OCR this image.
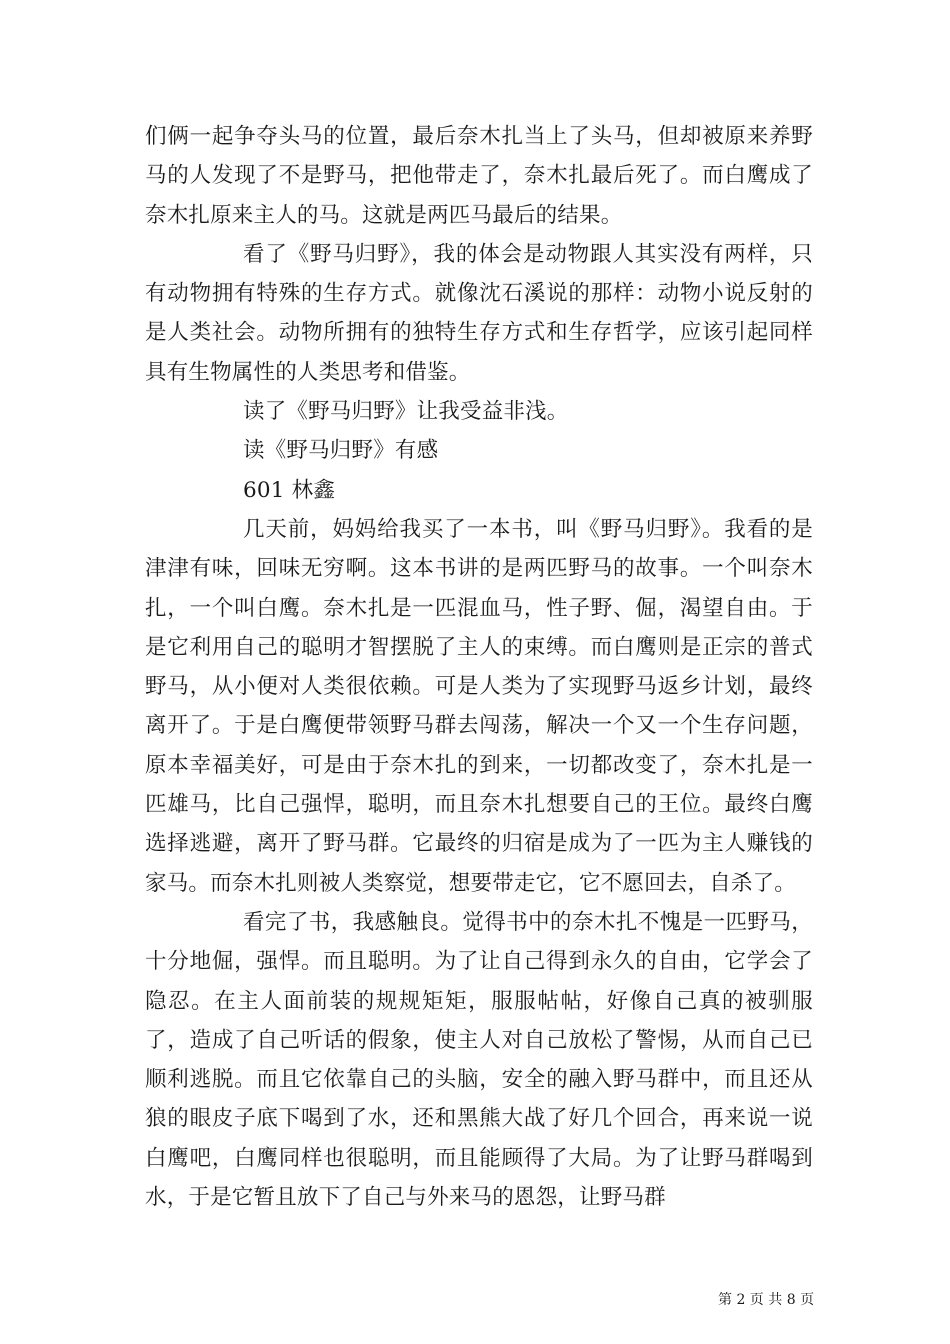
们俩一起争夺头马的位置，最后奈木扎当上了头马，但却被原来养野马的人发现了不是野马，把他带走了，奈木扎最后死了。而白鹰成了奈木扎原来主人的马。这就是两匹马最后的结果。

看了《野马归野》，我的体会是动物跟人其实没有两样，只有动物拥有特殊的生存方式。就像沈石溪说的那样：动物小说反射的是人类社会。动物所拥有的独特生存方式和生存哲学，应该引起同样具有生物属性的人类思考和借鉴。

读了《野马归野》让我受益非浅。

读《野马归野》有感

601 林鑫

几天前，妈妈给我买了一本书，叫《野马归野》。我看的是津津有味，回味无穷啊。这本书讲的是两匹野马的故事。一个叫奈木扎，一个叫白鹰。奈木扎是一匹混血马，性子野、倔，渴望自由。于是它利用自己的聪明才智摆脱了主人的束缚。而白鹰则是正宗的普式野马，从小便对人类很依赖。可是人类为了实现野马返乡计划，最终离开了。于是白鹰便带领野马群去闯荡，解决一个又一个生存问题，原本幸福美好，可是由于奈木扎的到来，一切都改变了，奈木扎是一匹雄马，比自己强悍，聪明，而且奈木扎想要自己的王位。最终白鹰选择逃避，离开了野马群。它最终的归宿是成为了一匹为主人赚钱的家马。而奈木扎则被人类察觉，想要带走它，它不愿回去，自杀了。

看完了书，我感触良。觉得书中的奈木扎不愧是一匹野马，十分地倔，强悍。而且聪明。为了让自己得到永久的自由，它学会了隐忍。在主人面前装的规规矩矩，服服帖帖，好像自己真的被驯服了，造成了自己听话的假象，使主人对自己放松了警惕，从而自己已顺利逃脱。而且它依靠自己的头脑，安全的融入野马群中，而且还从狼的眼皮子底下喝到了水，还和黑熊大战了好几个回合，再来说一说白鹰吧，白鹰同样也很聪明，而且能顾得了大局。为了让野马群喝到水，于是它暂且放下了自己与外来马的恩怨，让野马群

第 2 页 共 8 页
